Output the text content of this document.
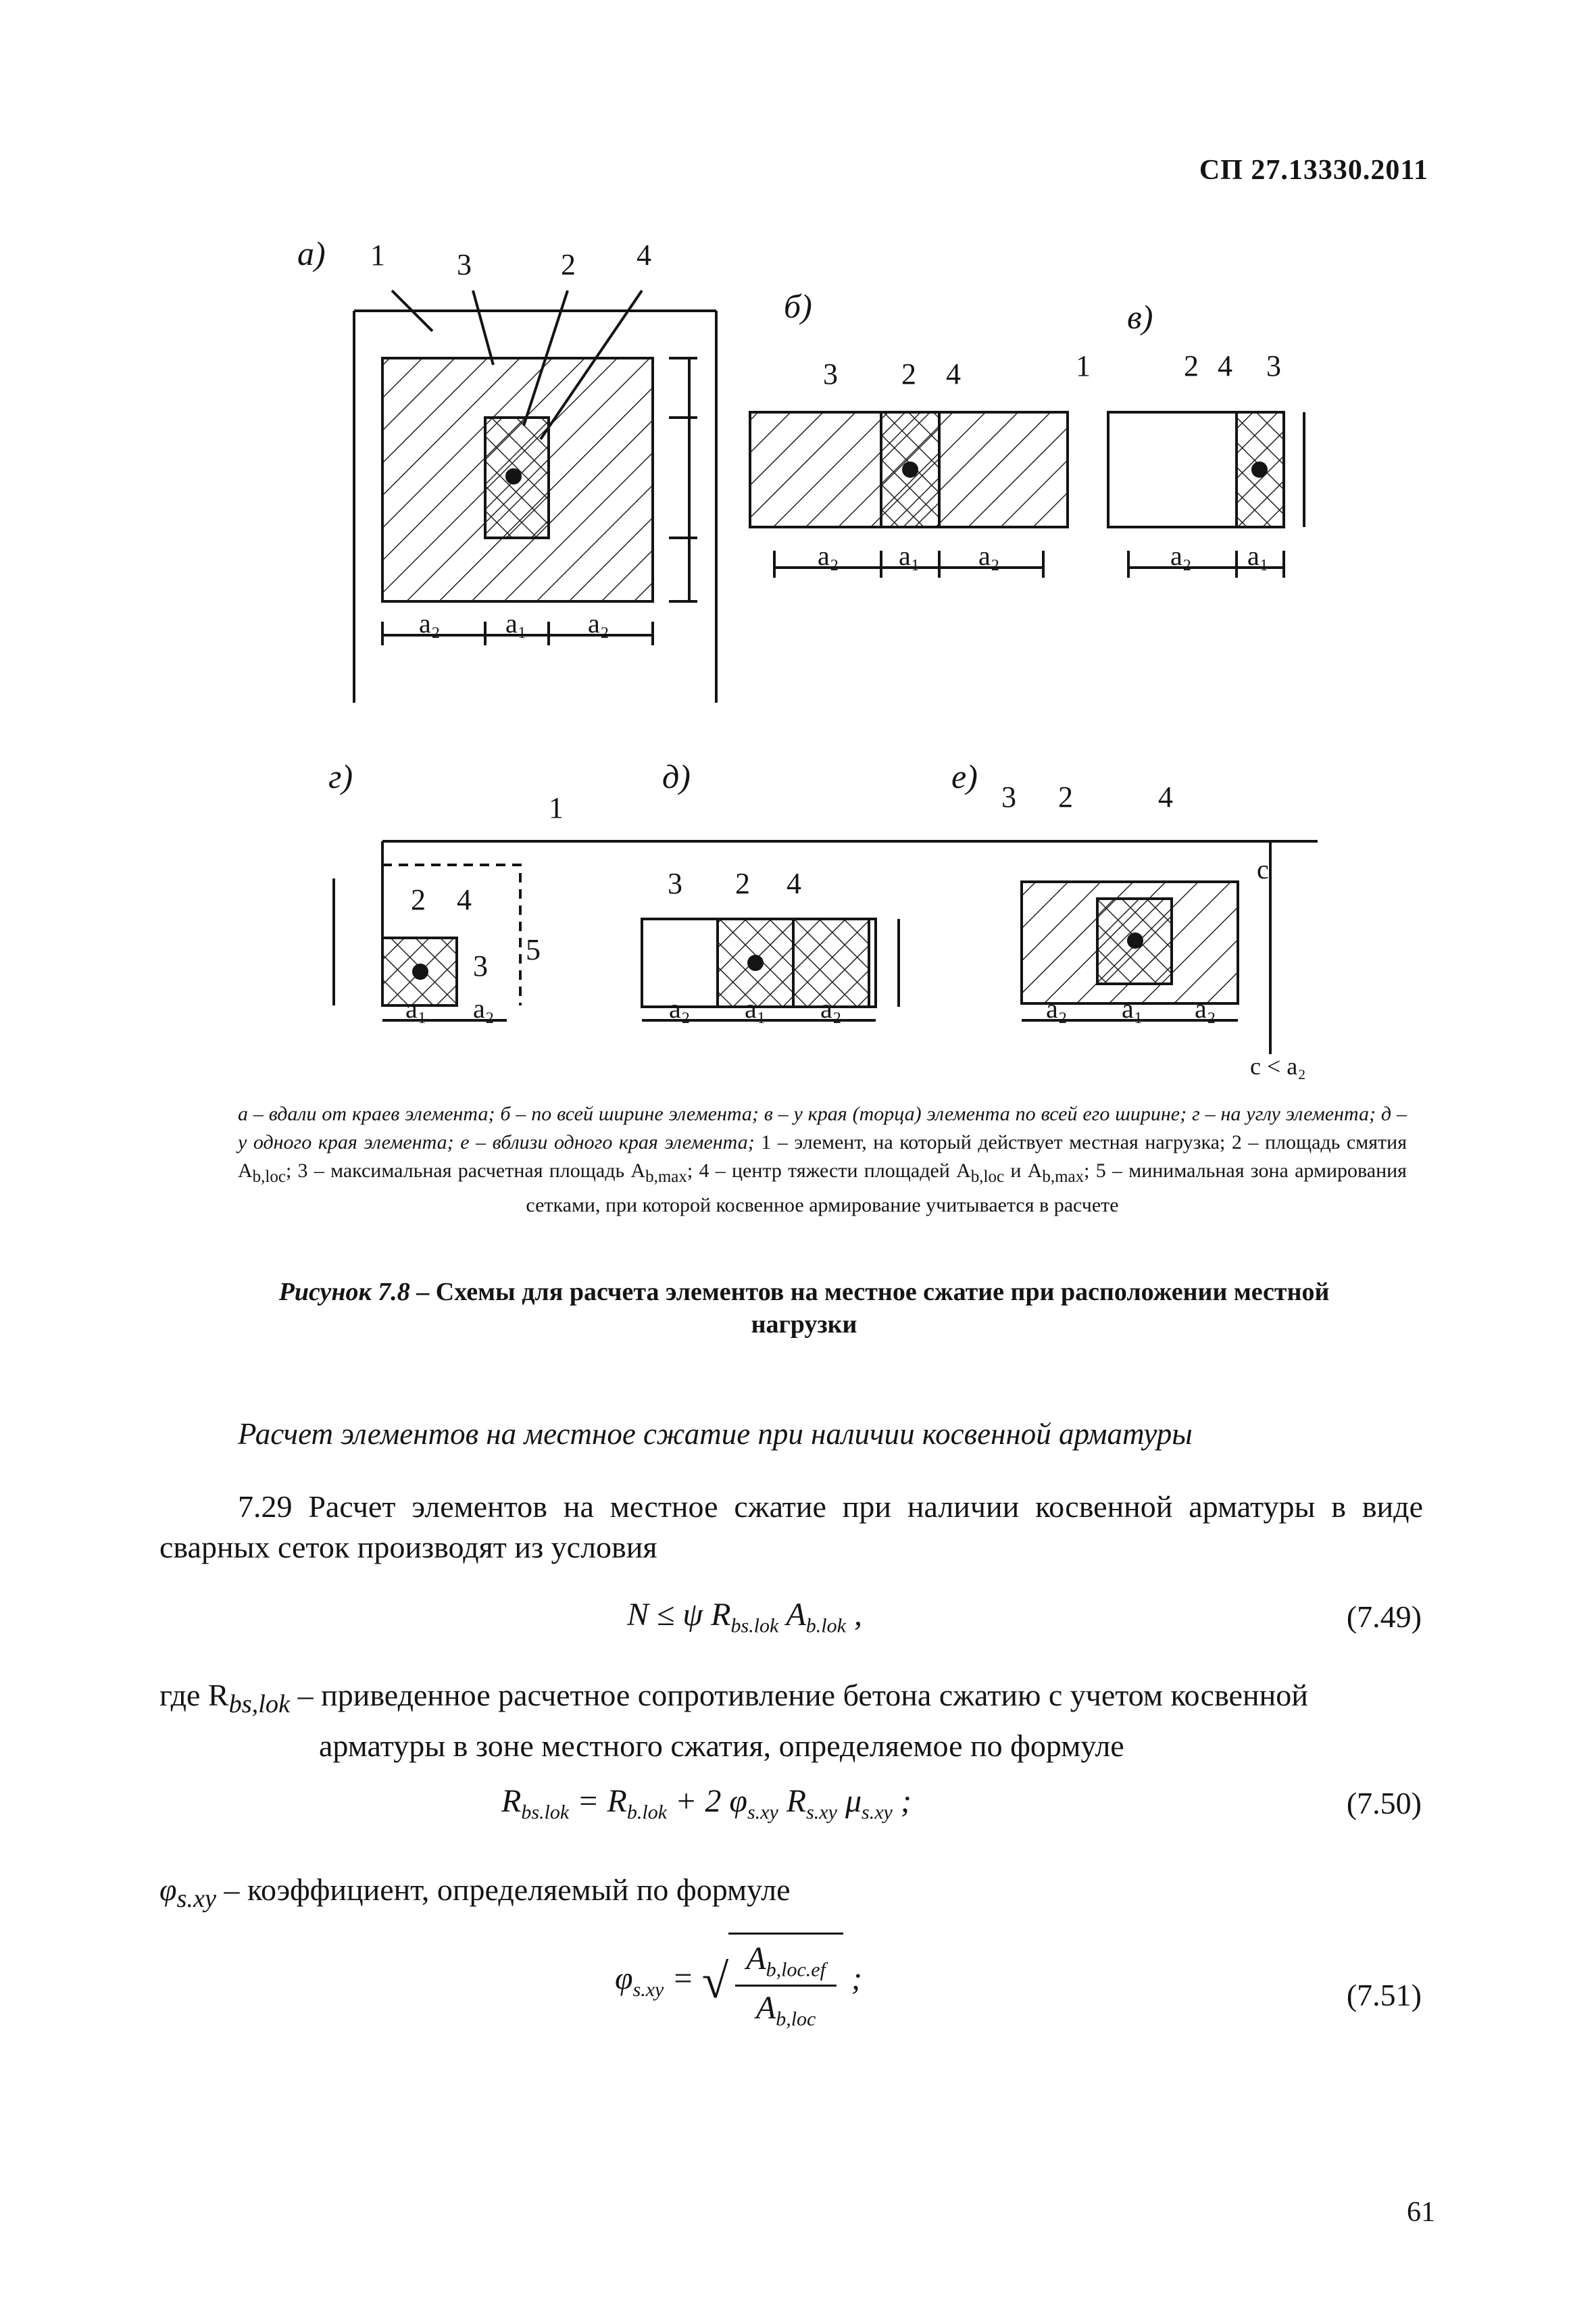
СП 27.13330.2011
а)
б)	в)
г)	д)	е)
1 3	2 4
3 2 4	1	2 4 3
1
2 4
3 5
3 2 4
3 2	4
a₂ a₁ a₂
a₂ a₁ a₂	a₂ a₁
a₁ a₂	a₂ a₁ a₂	a₂ a₁ a₂
c
c < a₂
а – вдали от краев элемента; б – по всей ширине элемента; в – у края (торца) элемента по всей его ширине; г – на углу элемента; д – у одного края элемента; е – вблизи одного края элемента; 1 – элемент, на который действует местная нагрузка; 2 – площадь смятия $A_{b,loc}$; 3 – максимальная расчетная площадь $A_{b,max}$; 4 – центр тяжести площадей $A_{b,loc}$ и $A_{b,max}$; 5 – минимальная зона армирования сетками, при которой косвенное армирование учитывается в расчете
Рисунок 7.8 – Схемы для расчета элементов на местное сжатие при расположении местной нагрузки
Расчет элементов на местное сжатие при наличии косвенной арматуры
7.29 Расчет элементов на местное сжатие при наличии косвенной арматуры в виде сварных сеток производят из условия
N ≤ ψ $R_{bs.lok}$ $A_{b.lok}$ ,	(7.49)
где $R_{bs,lok}$ – приведенное расчетное сопротивление бетона сжатию с учетом косвенной
арматуры в зоне местного сжатия, определяемое по формуле
$R_{bs.lok} = R_{b.lok} + 2$ $\varphi_{s.xy}$ $R_{s.xy}$ $\mu_{s.xy}$ ;	(7.50)
$\varphi_{s.xy}$ – коэффициент, определяемый по формуле
$\varphi_{s.xy}$ = √ $\frac{A_{b,loc.ef}}{A_{b,loc}}$ ;	(7.51)
61
